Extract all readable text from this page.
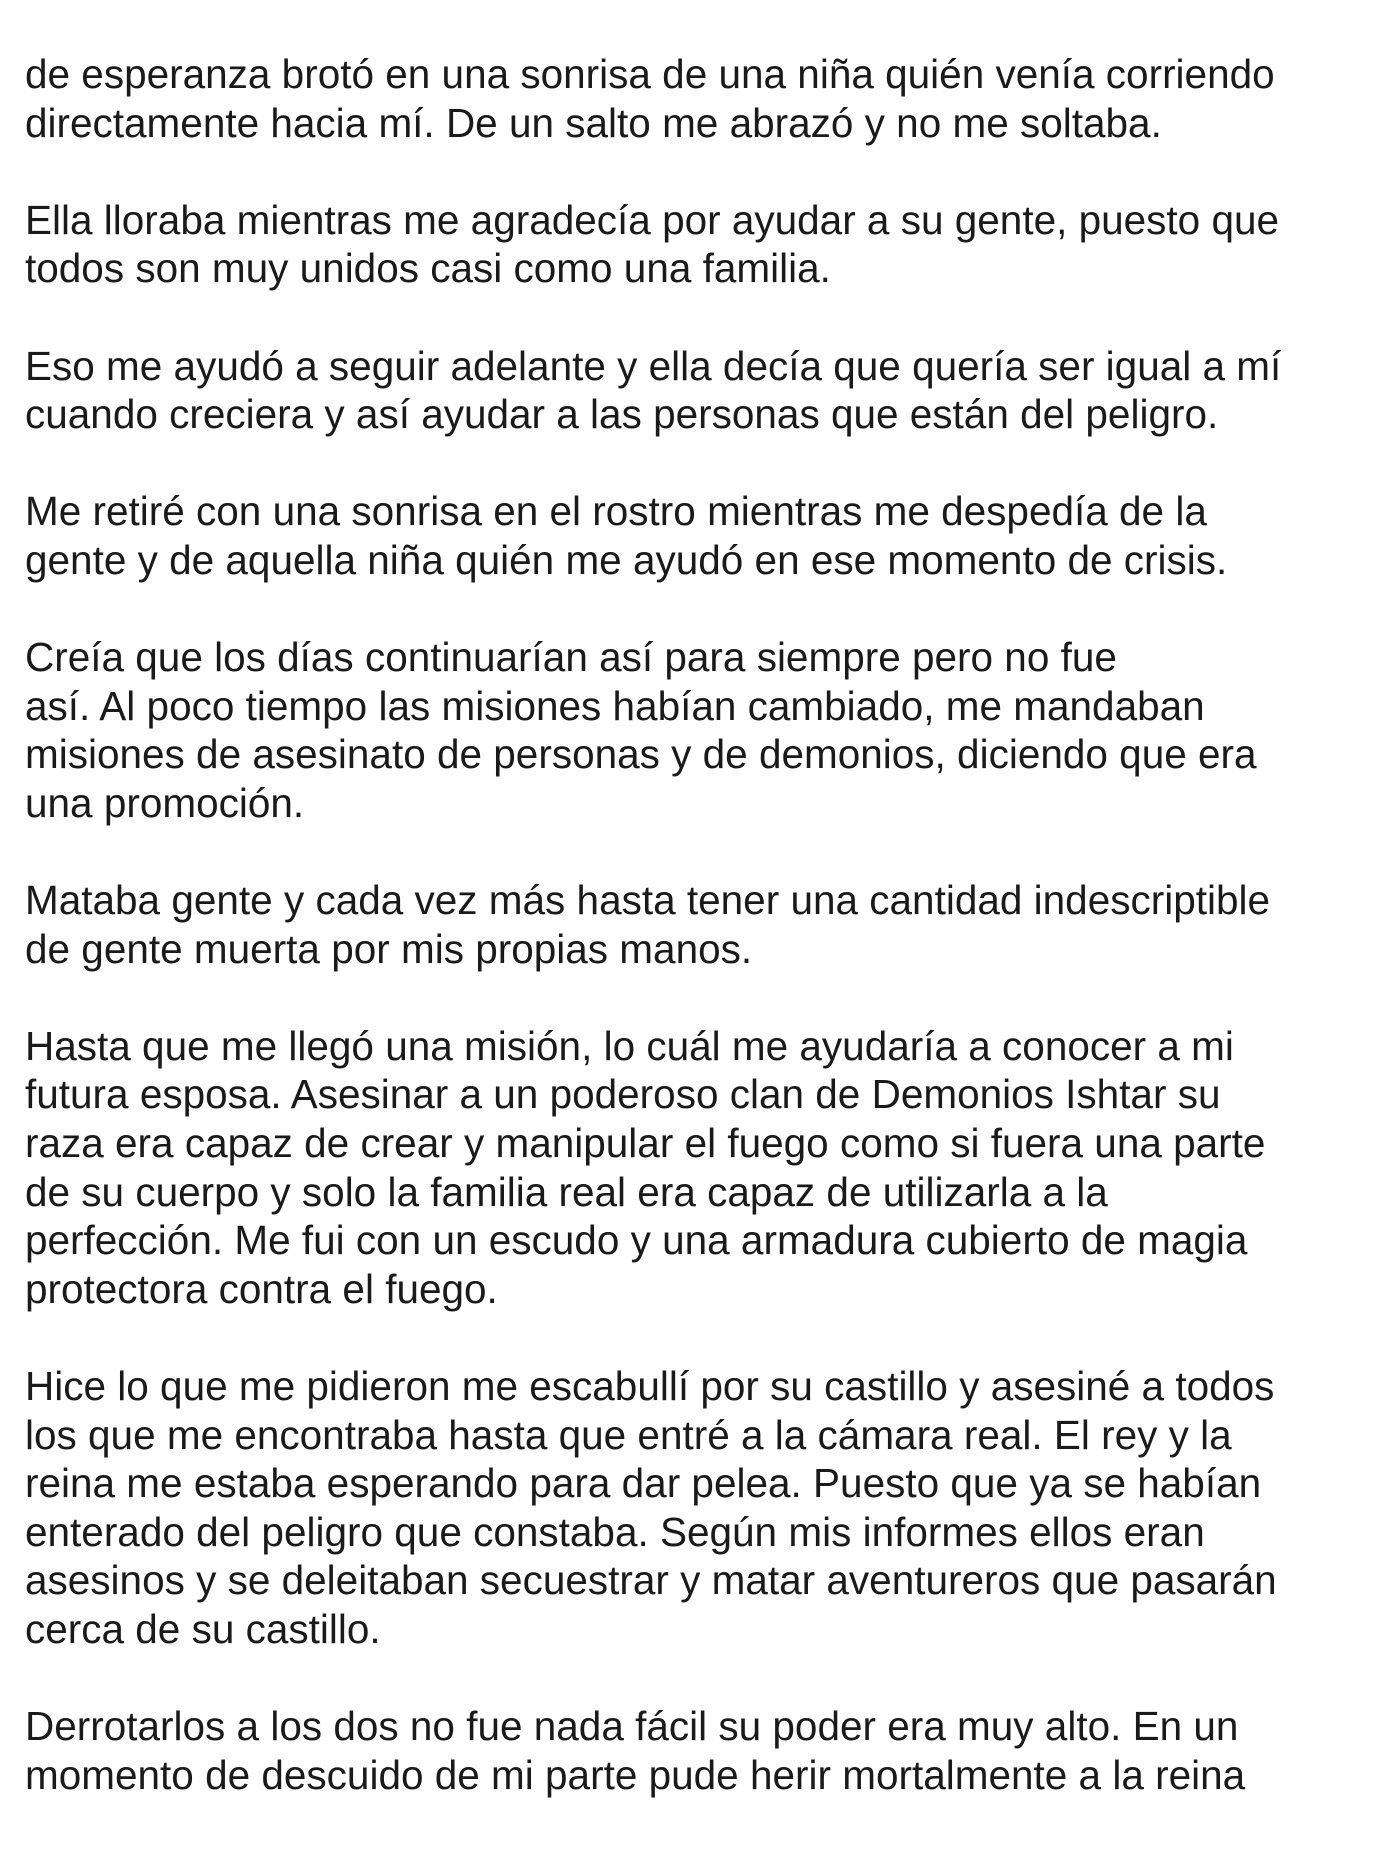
de esperanza brotó en una sonrisa de una niña quién venía corriendo
directamente hacia mí. De un salto me abrazó y no me soltaba.

Ella lloraba mientras me agradecía por ayudar a su gente, puesto que
todos son muy unidos casi como una familia.

Eso me ayudó a seguir adelante y ella decía que quería ser igual a mí
cuando creciera y así ayudar a las personas que están del peligro.

Me retiré con una sonrisa en el rostro mientras me despedía de la
gente y de aquella niña quién me ayudó en ese momento de crisis.

Creía que los días continuarían así para siempre pero no fue
así. Al poco tiempo las misiones habían cambiado, me mandaban
misiones de asesinato de personas y de demonios, diciendo que era
una promoción.

Mataba gente y cada vez más hasta tener una cantidad indescriptible
de gente muerta por mis propias manos.

Hasta que me llegó una misión, lo cuál me ayudaría a conocer a mi
futura esposa. Asesinar a un poderoso clan de Demonios Ishtar su
raza era capaz de crear y manipular el fuego como si fuera una parte
de su cuerpo y solo la familia real era capaz de utilizarla a la
perfección. Me fui con un escudo y una armadura cubierto de magia
protectora contra el fuego.

Hice lo que me pidieron me escabullí por su castillo y asesiné a todos
los que me encontraba hasta que entré a la cámara real. El rey y la
reina me estaba esperando para dar pelea. Puesto que ya se habían
enterado del peligro que constaba. Según mis informes ellos eran
asesinos y se deleitaban secuestrar y matar aventureros que pasarán
cerca de su castillo.

Derrotarlos a los dos no fue nada fácil su poder era muy alto. En un
momento de descuido de mi parte pude herir mortalmente a la reina
